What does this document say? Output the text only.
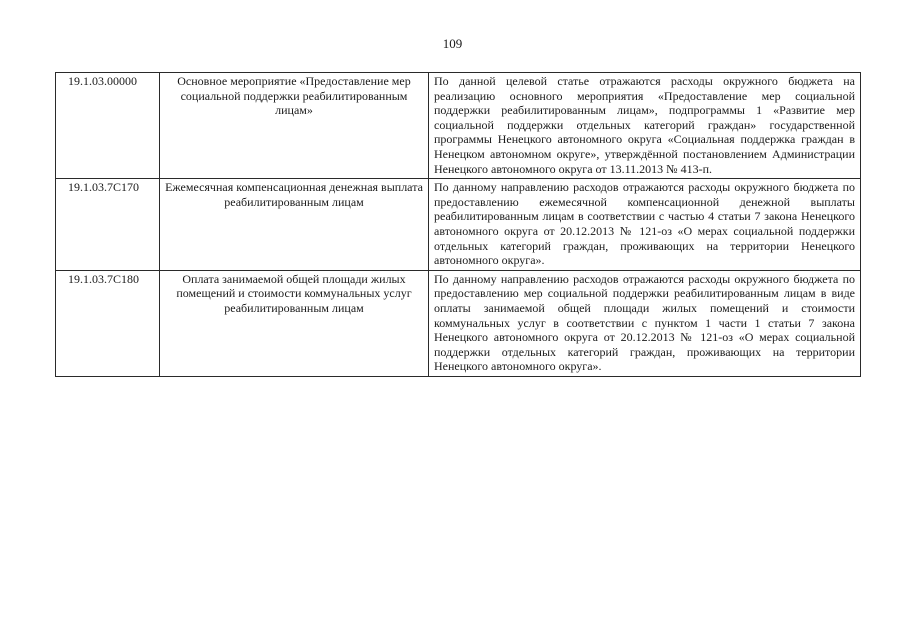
109
19.1.03.00000	Основное мероприятие «Предоставление мер социальной поддержки реабилитированным лицам»	По данной целевой статье отражаются расходы окружного бюджета на реализацию основного мероприятия «Предоставление мер социальной поддержки реабилитированным лицам», подпрограммы 1 «Развитие мер социальной поддержки отдельных категорий граждан» государственной программы Ненецкого автономного округа «Социальная поддержка граждан в Ненецком автономном округе», утверждённой постановлением Администрации Ненецкого автономного округа от 13.11.2013 № 413-п.
19.1.03.7С170	Ежемесячная компенсационная денежная выплата реабилитированным лицам	По данному направлению расходов отражаются расходы окружного бюджета по предоставлению ежемесячной компенсационной денежной выплаты реабилитированным лицам в соответствии с частью 4 статьи 7 закона Ненецкого автономного округа от 20.12.2013 № 121-оз «О мерах социальной поддержки отдельных категорий граждан, проживающих на территории Ненецкого автономного округа».
19.1.03.7С180	Оплата занимаемой общей площади жилых помещений и стоимости коммунальных услуг реабилитированным лицам	По данному направлению расходов отражаются расходы окружного бюджета по предоставлению мер социальной поддержки реабилитированным лицам в виде оплаты занимаемой общей площади жилых помещений и стоимости коммунальных услуг в соответствии с пунктом 1 части 1 статьи 7 закона Ненецкого автономного округа от 20.12.2013 № 121-оз «О мерах социальной поддержки отдельных категорий граждан, проживающих на территории Ненецкого автономного округа».
